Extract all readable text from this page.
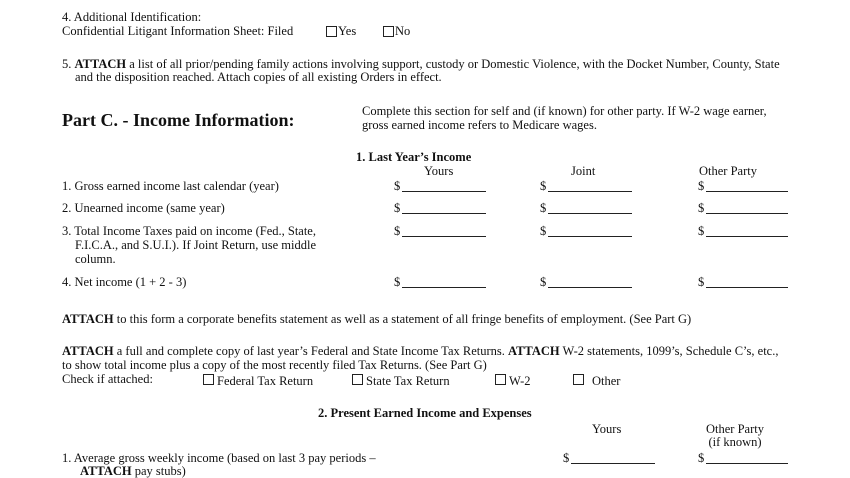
4. Additional Identification:
Confidential Litigant Information Sheet: Filed	Yes	No
5. ATTACH a list of all prior/pending family actions involving support, custody or Domestic Violence, with the Docket Number, County, State
and the disposition reached. Attach copies of all existing Orders in effect.
Part C. - Income Information:	Complete this section for self and (if known) for other party. If W-2 wage earner,
gross earned income refers to Medicare wages.
1. Last Year’s Income
Yours	Joint	Other Party
1. Gross earned income last calendar (year)	$	$	$
2. Unearned income (same year)	$	$	$
3. Total Income Taxes paid on income (Fed., State,
F.I.C.A., and S.U.I.). If Joint Return, use middle
column.
$	$	$
4. Net income (1 + 2 - 3)	$	$	$
ATTACH to this form a corporate benefits statement as well as a statement of all fringe benefits of employment. (See Part G)
ATTACH a full and complete copy of last year’s Federal and State Income Tax Returns. ATTACH W-2 statements, 1099’s, Schedule C’s, etc.,
to show total income plus a copy of the most recently filed Tax Returns. (See Part G)
Check if attached:	Federal Tax Return	State Tax Return	W-2	Other
2. Present Earned Income and Expenses
Yours	Other Party
(if known)
1. Average gross weekly income (based on last 3 pay periods –
ATTACH pay stubs)
$	$
